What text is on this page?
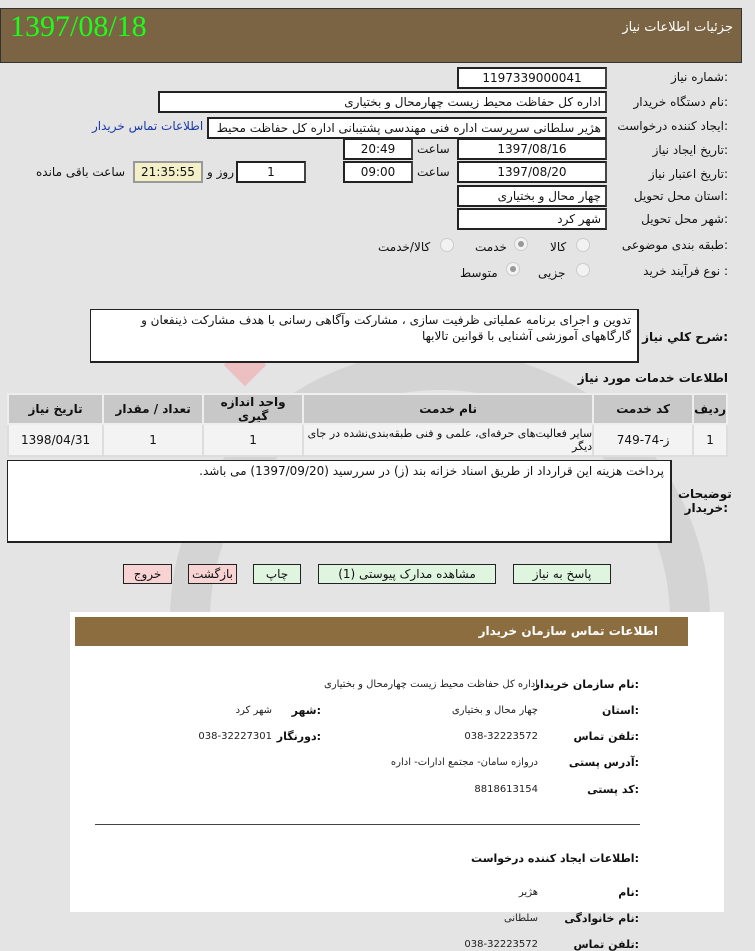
جزئیات اطلاعات نیاز
1397/08/18
شماره نیاز:
1197339000041
نام دستگاه خریدار:
اداره کل حفاظت محیط زیست چهارمحال و بختیاری
ایجاد کننده درخواست:
هژیر سلطانی سرپرست اداره فنی مهندسی پشتیبانی اداره کل حفاظت محیط
اطلاعات تماس خریدار
تاریخ ایجاد نیاز:
1397/08/16
ساعت
20:49
تاریخ اعتبار نیاز:
1397/08/20
ساعت
09:00
1
روز و
21:35:55
ساعت باقی مانده
استان محل تحویل:
چهار محال و بختیاری
شهر محل تحویل:
شهر کرد
طبقه بندی موضوعی:
کالا
خدمت
کالا/خدمت
نوع فرآیند خرید :
جزیی
متوسط
شرح کلي نياز:
تدوین و اجرای برنامه عملیاتی ظرفیت سازی ، مشارکت وآگاهی رسانی با هدف مشارکت ذینفعان و گارگاههای آموزشی آشنایی با قوانین تالابها
اطلاعات خدمات مورد نیاز
ردیف	کد خدمت	نام خدمت	واحد اندازه گیری	تعداد / مقدار	تاریخ نیاز
1	ز-74-749	سایر فعالیت‌های حرفه‌ای، علمی و فنی طبقه‌بندی‌نشده در جای دیگر	1	1	1398/04/31
توضیحات خریدار:
پرداخت هزینه این قرارداد از طریق اسناد خزانه بند (ز) در سررسید (1397/09/20) می باشد.
پاسخ به نیاز
مشاهده مدارک پیوستی (1)
چاپ
بازگشت
خروج
اطلاعات تماس سازمان خریدار
نام سازمان خریدار:
اداره کل حفاظت محیط زیست چهارمحال و بختیاری
استان:
چهار محال و بختیاری
شهر:
شهر کرد
تلفن تماس:
038-32223572
دورنگار:
038-32227301
آدرس پستی:
دروازه سامان- مجتمع ادارات- اداره
کد پستی:
8818613154
اطلاعات ایجاد کننده درخواست:
نام:
هژیر
نام خانوادگی:
سلطانی
تلفن تماس:
038-32223572
